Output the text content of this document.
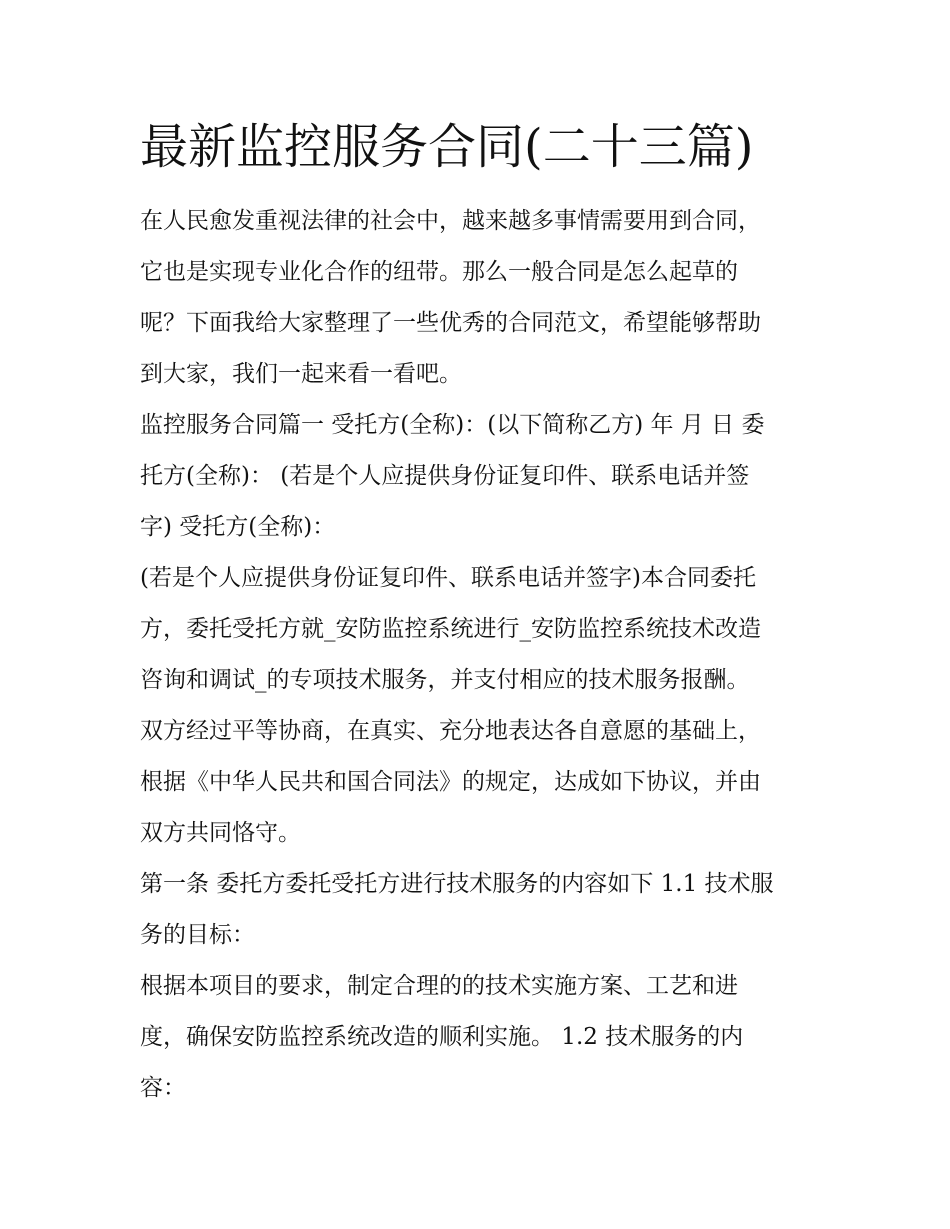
最新监控服务合同(二十三篇)
在人民愈发重视法律的社会中，越来越多事情需要用到合同，
它也是实现专业化合作的纽带。那么一般合同是怎么起草的
呢？下面我给大家整理了一些优秀的合同范文，希望能够帮助
到大家，我们一起来看一看吧。
监控服务合同篇一 受托方(全称)：(以下简称乙方) 年 月 日 委
托方(全称)： (若是个人应提供身份证复印件、联系电话并签
字) 受托方(全称)：
(若是个人应提供身份证复印件、联系电话并签字)本合同委托
方，委托受托方就_安防监控系统进行_安防监控系统技术改造
咨询和调试_的专项技术服务，并支付相应的技术服务报酬。
双方经过平等协商，在真实、充分地表达各自意愿的基础上，
根据《中华人民共和国合同法》的规定，达成如下协议，并由
双方共同恪守。
第一条 委托方委托受托方进行技术服务的内容如下 1.1 技术服
务的目标：
根据本项目的要求，制定合理的的技术实施方案、工艺和进
度，确保安防监控系统改造的顺利实施。 1.2 技术服务的内
容：
